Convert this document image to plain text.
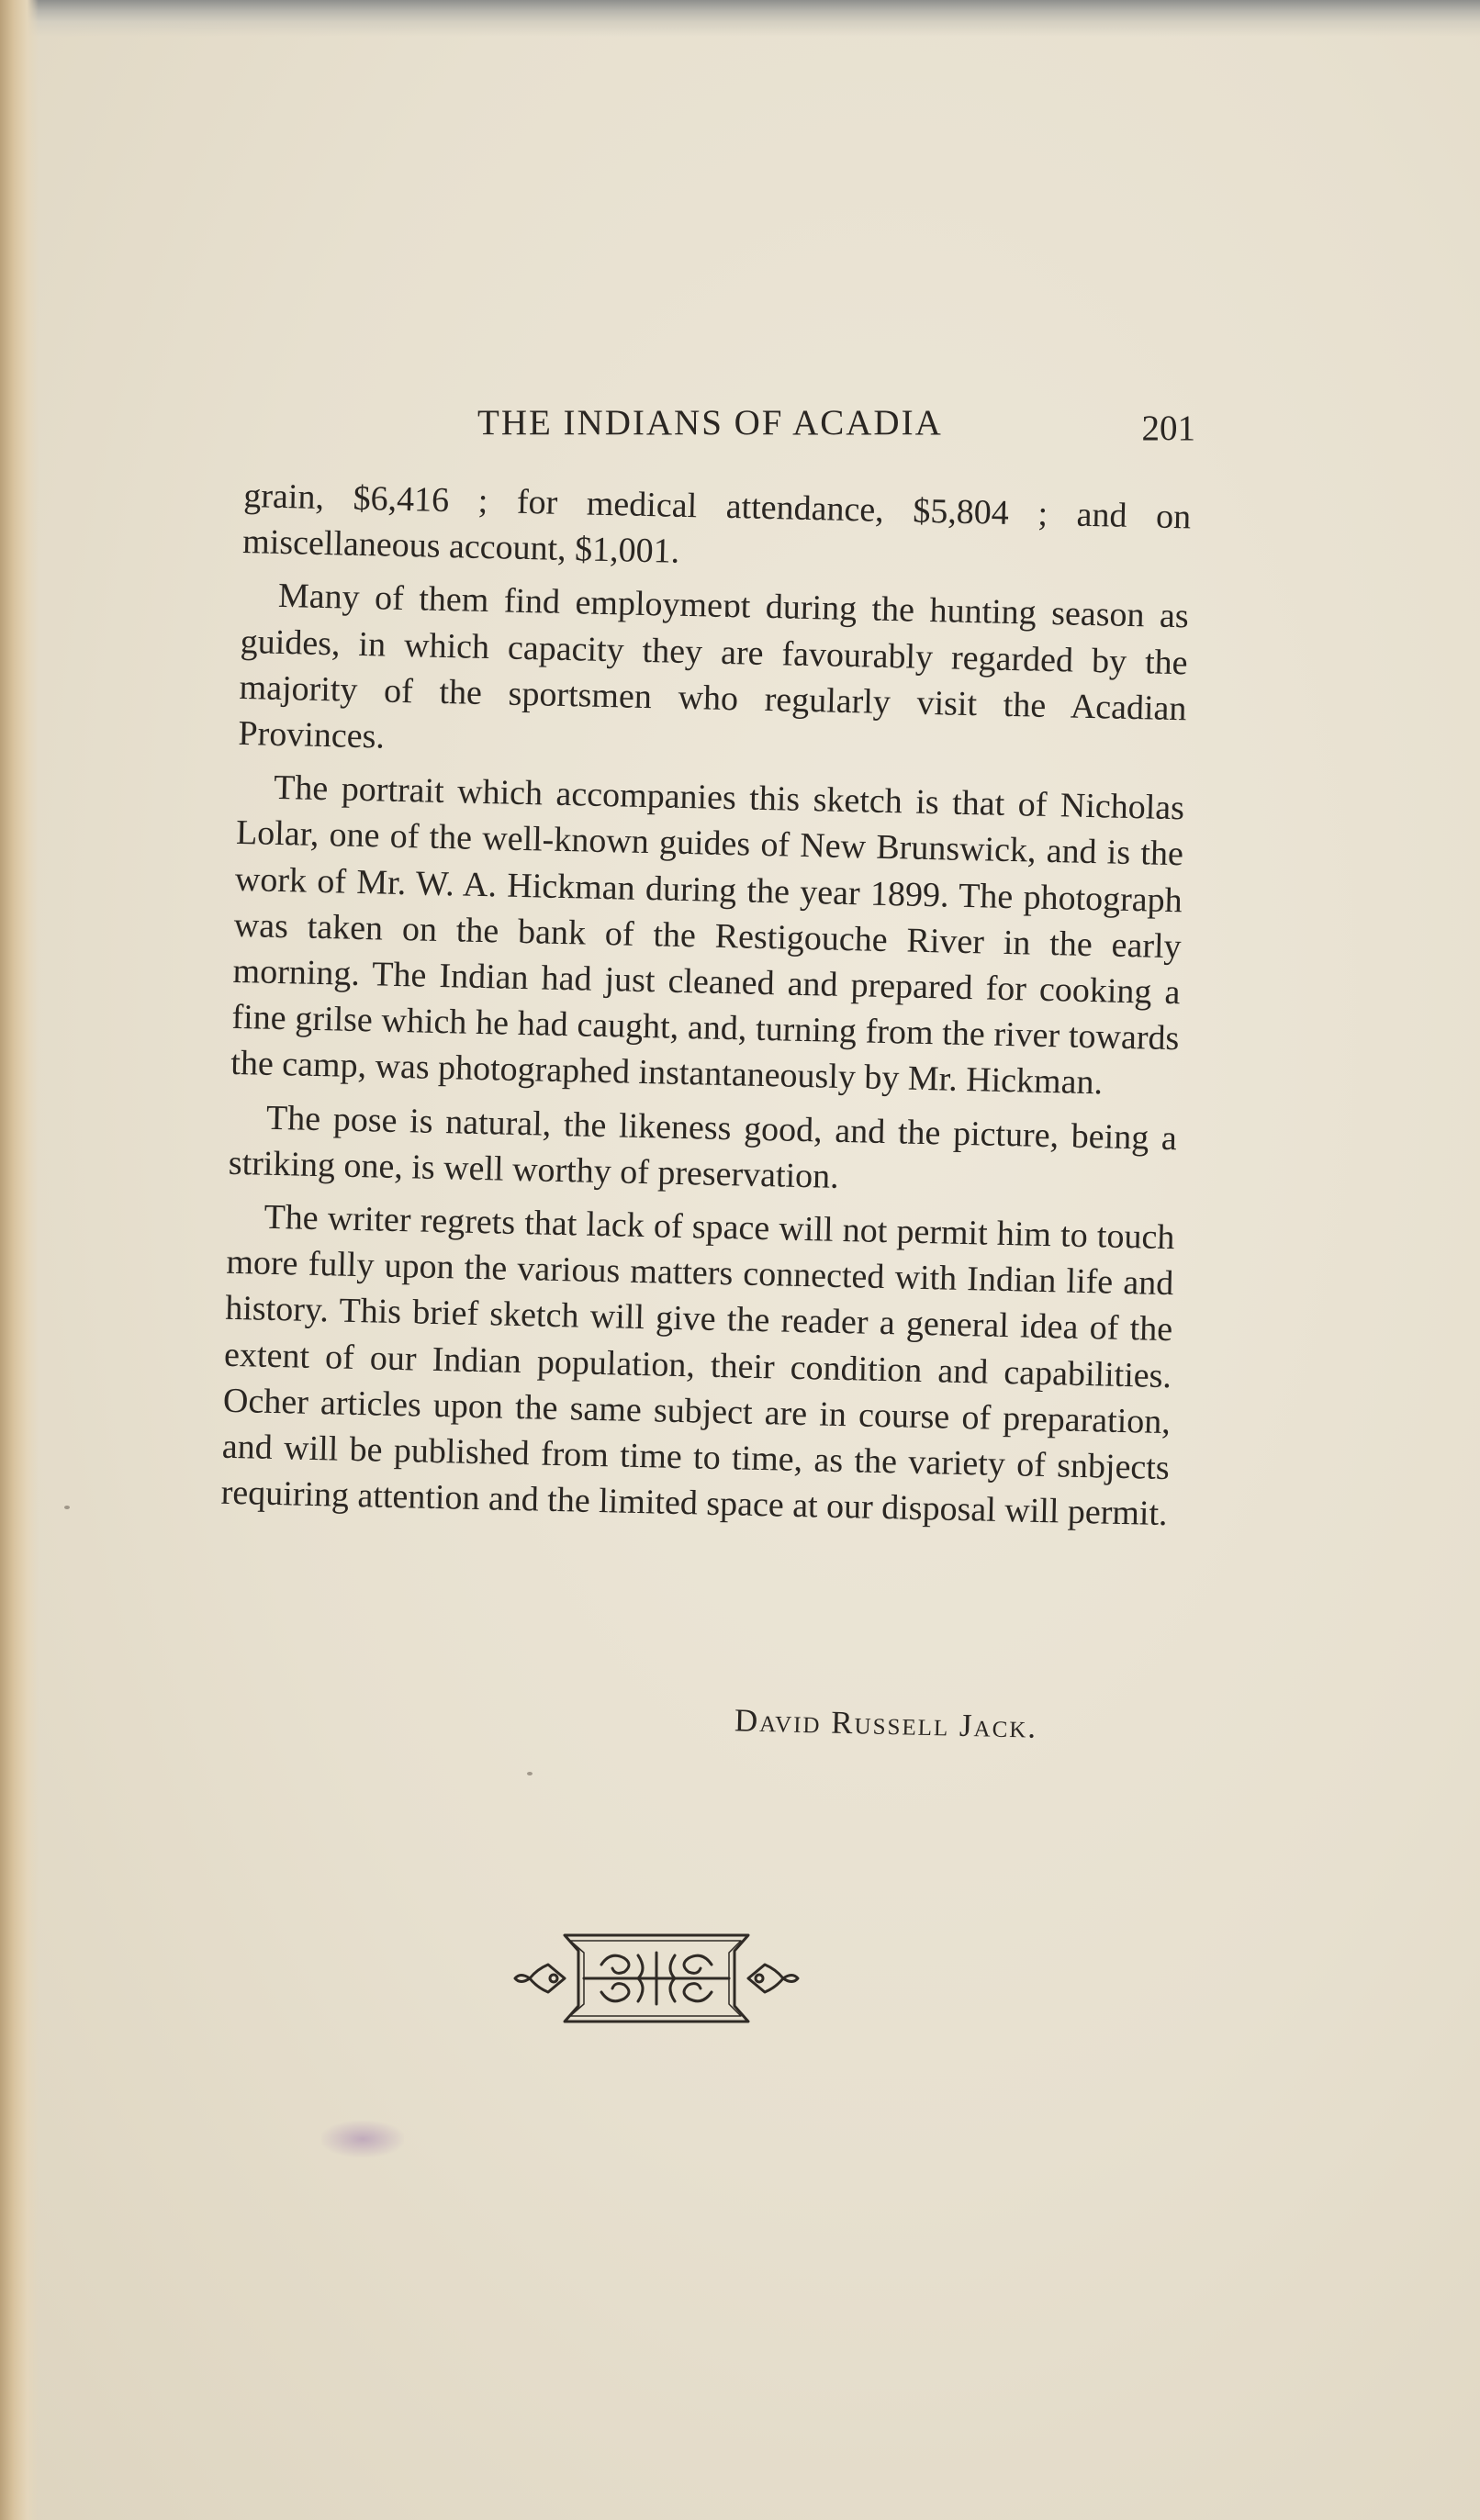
THE INDIANS OF ACADIA	201

grain, $6,416 ; for medical attendance, $5,804 ; and on miscellaneous account, $1,001.

Many of them find employmeɒt during the hunting season as guides, in which capacity they are favourably regarded by the majority of the sportsmen who regularly visit the Acadian Provinces.

The portrait which accompanies this sketch is that of Nicholas Lolar, one of the well-known guides of New Brunswick, and is the work of Mr. W. A. Hickman during the year 1899. The photograph was taken on the bank of the Restigouche River in the early morning. The Indian had just cleaned and prepared for cooking a fine grilse which he had caught, and, turning from the river towards the camp, was photographed instantaneously by Mr. Hickman.

The pose is natural, the likeness good, and the picture, being a striking one, is well worthy of preservation.

The writer regrets that lack of space will not permit him to touch more fully upon the various matters connected with Indian life and history. This brief sketch will give the reader a general idea of the extent of our Indian population, their condition and capabilities. Ocher articles upon the same subject are in course of preparation, and will be published from time to time, as the variety of snbjects requiring attention and the limited space at our disposal will permit.

David Russell Jack.
